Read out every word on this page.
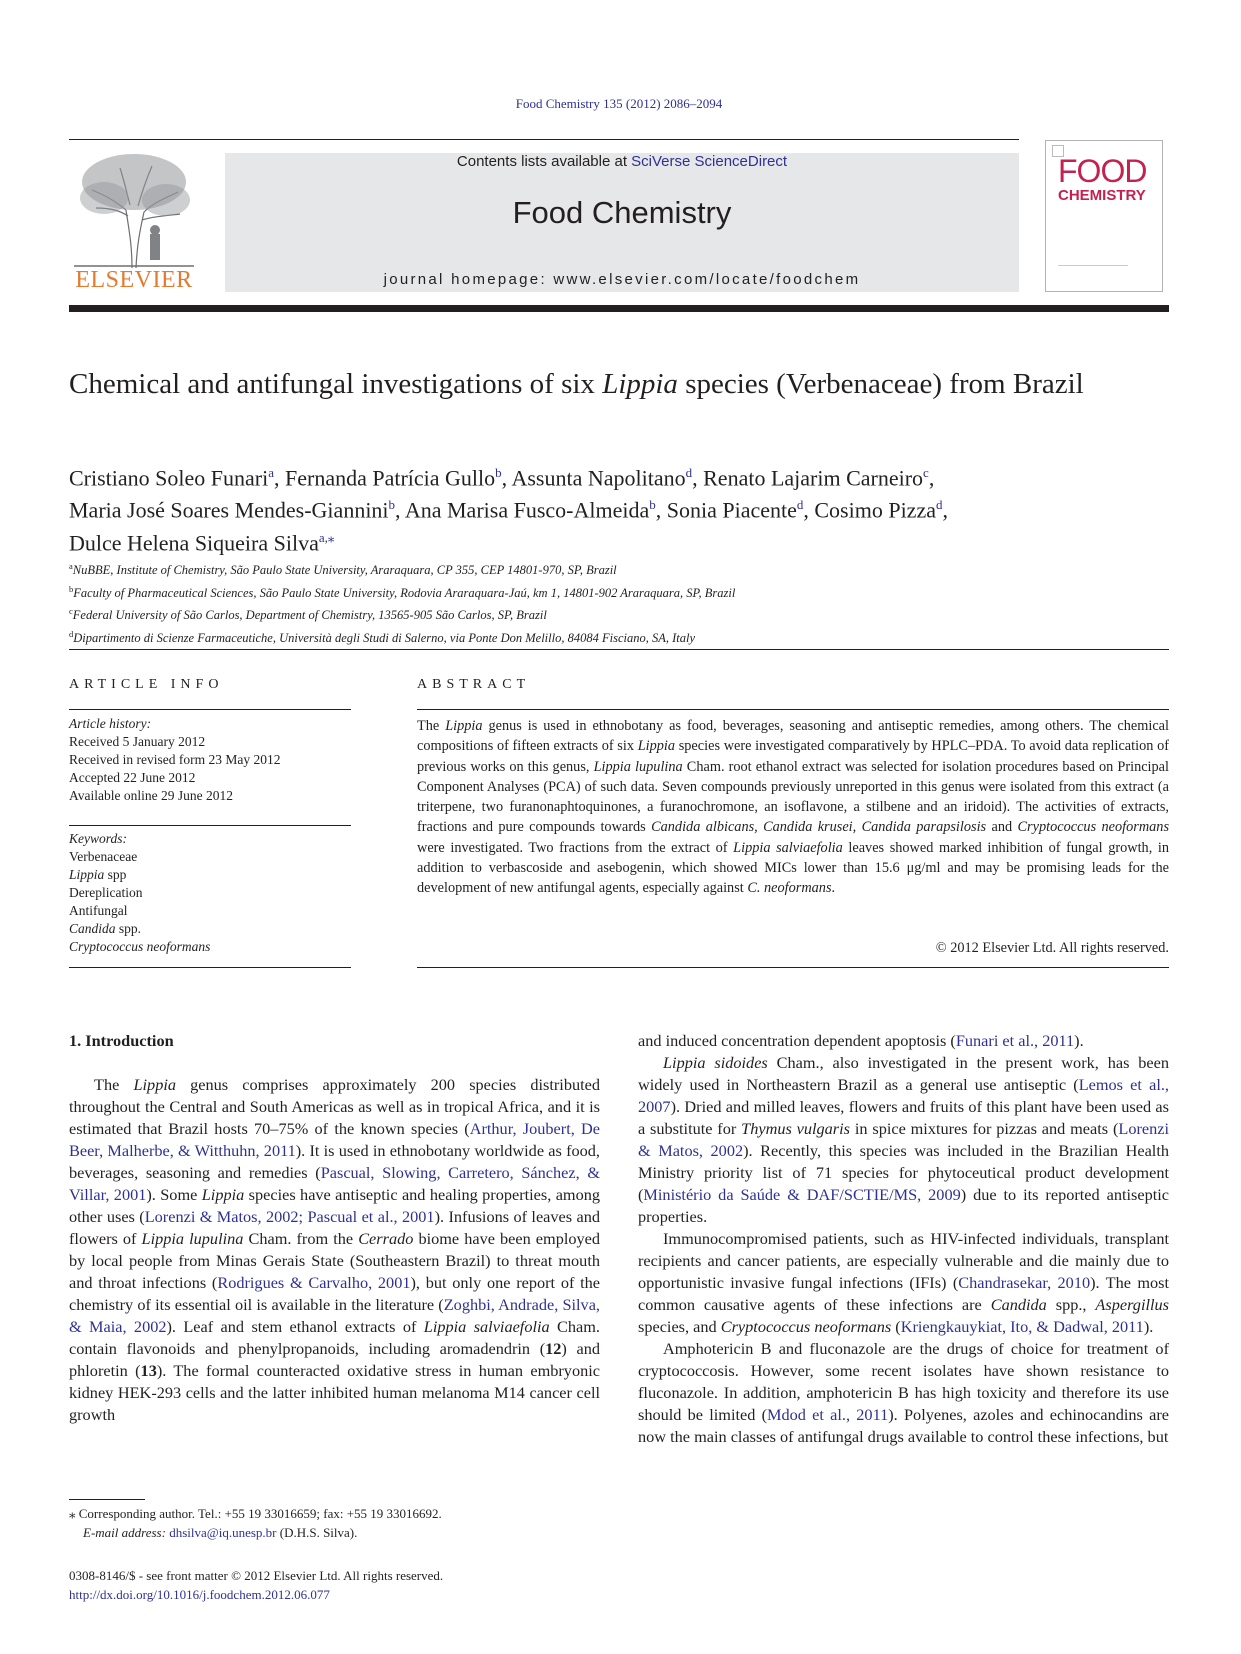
Food Chemistry 135 (2012) 2086–2094
ELSEVIER
Contents lists available at SciVerse ScienceDirect
Food Chemistry
journal homepage: www.elsevier.com/locate/foodchem
FOOD
CHEMISTRY
Chemical and antifungal investigations of six Lippia species (Verbenaceae) from Brazil
Cristiano Soleo Funari$^a$, Fernanda Patrícia Gullo$^b$, Assunta Napolitano$^d$, Renato Lajarim Carneiro$^c$,
Maria José Soares Mendes-Giannini$^b$, Ana Marisa Fusco-Almeida$^b$, Sonia Piacente$^d$, Cosimo Pizza$^d$,
Dulce Helena Siqueira Silva$^{a,⁎}$
$^a$NuBBE, Institute of Chemistry, São Paulo State University, Araraquara, CP 355, CEP 14801-970, SP, Brazil
$^b$Faculty of Pharmaceutical Sciences, São Paulo State University, Rodovia Araraquara-Jaú, km 1, 14801-902 Araraquara, SP, Brazil
$^c$Federal University of São Carlos, Department of Chemistry, 13565-905 São Carlos, SP, Brazil
$^d$Dipartimento di Scienze Farmaceutiche, Università degli Studi di Salerno, via Ponte Don Melillo, 84084 Fisciano, SA, Italy
ARTICLE INFO
Article history:
Received 5 January 2012
Received in revised form 23 May 2012
Accepted 22 June 2012
Available online 29 June 2012
Keywords:
Verbenaceae
Lippia spp
Dereplication
Antifungal
Candida spp.
Cryptococcus neoformans
ABSTRACT
The Lippia genus is used in ethnobotany as food, beverages, seasoning and antiseptic remedies, among others. The chemical compositions of fifteen extracts of six Lippia species were investigated comparatively by HPLC–PDA. To avoid data replication of previous works on this genus, Lippia lupulina Cham. root ethanol extract was selected for isolation procedures based on Principal Component Analyses (PCA) of such data. Seven compounds previously unreported in this genus were isolated from this extract (a triterpene, two furanonaphtoquinones, a furanochromone, an isoflavone, a stilbene and an iridoid). The activities of extracts, fractions and pure compounds towards Candida albicans, Candida krusei, Candida parapsilosis and Cryptococcus neoformans were investigated. Two fractions from the extract of Lippia salviaefolia leaves showed marked inhibition of fungal growth, in addition to verbascoside and asebogenin, which showed MICs lower than 15.6 μg/ml and may be promising leads for the development of new antifungal agents, especially against C. neoformans.
© 2012 Elsevier Ltd. All rights reserved.
1. Introduction

The Lippia genus comprises approximately 200 species distributed throughout the Central and South Americas as well as in tropical Africa, and it is estimated that Brazil hosts 70–75% of the known species (Arthur, Joubert, De Beer, Malherbe, & Witthuhn, 2011). It is used in ethnobotany worldwide as food, beverages, seasoning and remedies (Pascual, Slowing, Carretero, Sánchez, & Villar, 2001). Some Lippia species have antiseptic and healing properties, among other uses (Lorenzi & Matos, 2002; Pascual et al., 2001). Infusions of leaves and flowers of Lippia lupulina Cham. from the Cerrado biome have been employed by local people from Minas Gerais State (Southeastern Brazil) to threat mouth and throat infections (Rodrigues & Carvalho, 2001), but only one report of the chemistry of its essential oil is available in the literature (Zoghbi, Andrade, Silva, & Maia, 2002). Leaf and stem ethanol extracts of Lippia salviaefolia Cham. contain flavonoids and phenylpropanoids, including aromadendrin (12) and phloretin (13). The formal counteracted oxidative stress in human embryonic kidney HEK-293 cells and the latter inhibited human melanoma M14 cancer cell growth

and induced concentration dependent apoptosis (Funari et al., 2011).

Lippia sidoides Cham., also investigated in the present work, has been widely used in Northeastern Brazil as a general use antiseptic (Lemos et al., 2007). Dried and milled leaves, flowers and fruits of this plant have been used as a substitute for Thymus vulgaris in spice mixtures for pizzas and meats (Lorenzi & Matos, 2002). Recently, this species was included in the Brazilian Health Ministry priority list of 71 species for phytoceutical product development (Ministério da Saúde & DAF/SCTIE/MS, 2009) due to its reported antiseptic properties.

Immunocompromised patients, such as HIV-infected individuals, transplant recipients and cancer patients, are especially vulnerable and die mainly due to opportunistic invasive fungal infections (IFIs) (Chandrasekar, 2010). The most common causative agents of these infections are Candida spp., Aspergillus species, and Cryptococcus neoformans (Kriengkauykiat, Ito, & Dadwal, 2011).

Amphotericin B and fluconazole are the drugs of choice for treatment of cryptococcosis. However, some recent isolates have shown resistance to fluconazole. In addition, amphotericin B has high toxicity and therefore its use should be limited (Mdod et al., 2011). Polyenes, azoles and echinocandins are now the main classes of antifungal drugs available to control these infections, but

⁎ Corresponding author. Tel.: +55 19 33016659; fax: +55 19 33016692.
E-mail address: dhsilva@iq.unesp.br (D.H.S. Silva).
0308-8146/$ - see front matter © 2012 Elsevier Ltd. All rights reserved.
http://dx.doi.org/10.1016/j.foodchem.2012.06.077
